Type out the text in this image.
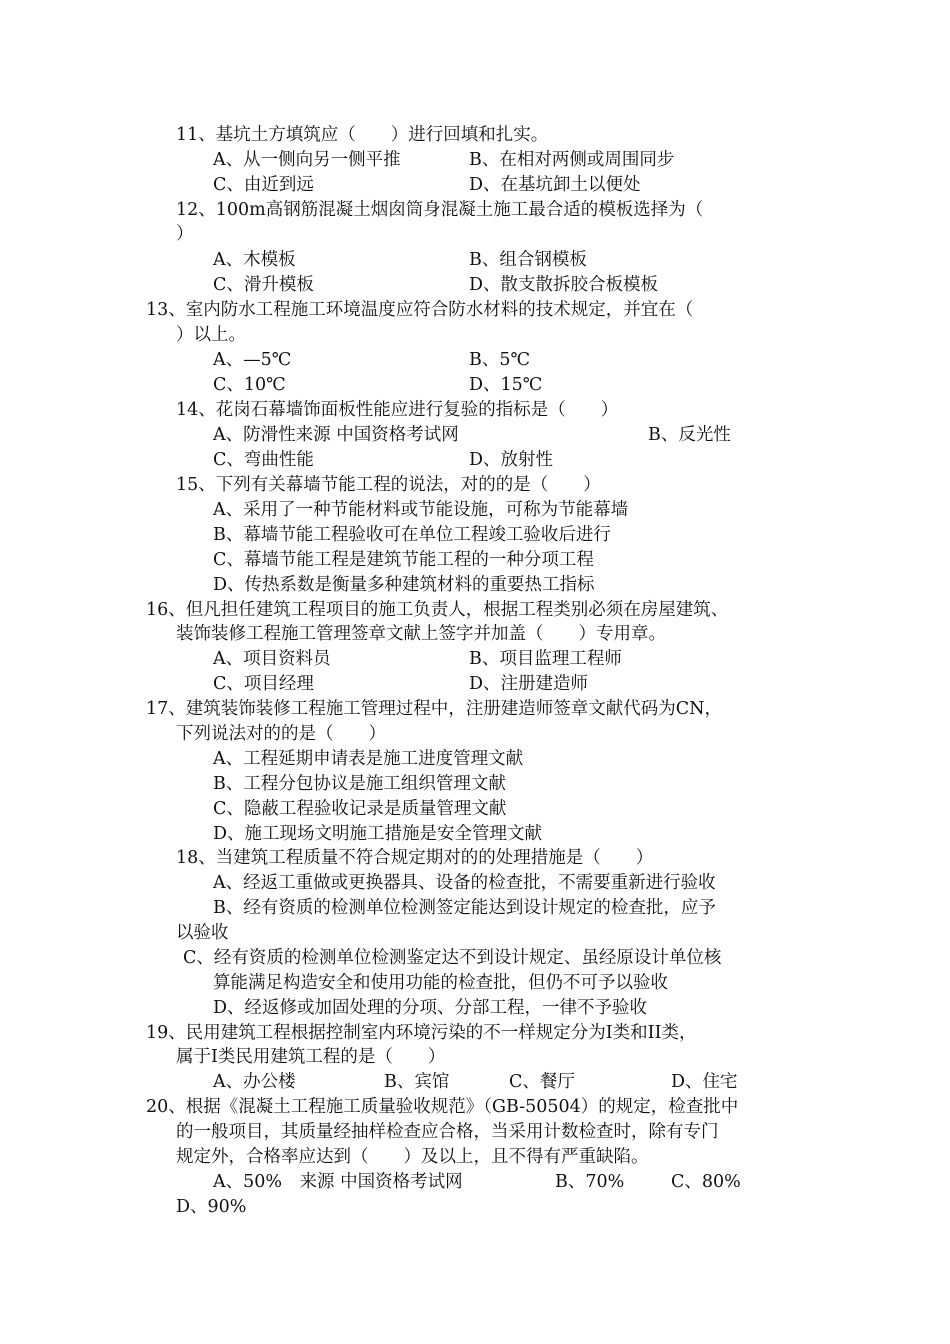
11、基坑土方填筑应（　　）进行回填和扎实。
A、从一侧向另一侧平推	B、在相对两侧或周围同步
C、由近到远	D、在基坑卸土以便处
12、100m高钢筋混凝土烟囱筒身混凝土施工最合适的模板选择为（
）
A、木模板	B、组合钢模板
C、滑升模板	D、散支散拆胶合板模板
13、室内防水工程施工环境温度应符合防水材料的技术规定，并宜在（
）以上。
A、—5℃	B、5℃
C、10℃	D、15℃
14、花岗石幕墙饰面板性能应进行复验的指标是（　　）
A、防滑性来源 中国资格考试网	B、反光性
C、弯曲性能	D、放射性
15、下列有关幕墙节能工程的说法，对的的是（　　）
A、采用了一种节能材料或节能设施，可称为节能幕墙
B、幕墙节能工程验收可在单位工程竣工验收后进行
C、幕墙节能工程是建筑节能工程的一种分项工程
D、传热系数是衡量多种建筑材料的重要热工指标
16、但凡担任建筑工程项目的施工负责人，根据工程类别必须在房屋建筑、
装饰装修工程施工管理签章文献上签字并加盖（　　）专用章。
A、项目资料员	B、项目监理工程师
C、项目经理	D、注册建造师
17、建筑装饰装修工程施工管理过程中，注册建造师签章文献代码为CN，
下列说法对的的是（　　）
A、工程延期申请表是施工进度管理文献
B、工程分包协议是施工组织管理文献
C、隐蔽工程验收记录是质量管理文献
D、施工现场文明施工措施是安全管理文献
18、当建筑工程质量不符合规定期对的的处理措施是（　　）
A、经返工重做或更换器具、设备的检查批，不需要重新进行验收
B、经有资质的检测单位检测签定能达到设计规定的检查批，应予
以验收
C、经有资质的检测单位检测鉴定达不到设计规定、虽经原设计单位核
算能满足构造安全和使用功能的检查批，但仍不可予以验收
D、经返修或加固处理的分项、分部工程，一律不予验收
19、民用建筑工程根据控制室内环境污染的不一样规定分为Ⅰ类和ⅠI类，
属于Ⅰ类民用建筑工程的是（　　）
A、办公楼	B、宾馆	C、餐厅	D、住宅
20、根据《混凝土工程施工质量验收规范》（GB-50504）的规定，检查批中
的一般项目，其质量经抽样检查应合格，当采用计数检查时，除有专门
规定外，合格率应达到（　　）及以上，且不得有严重缺陷。
A、50%　来源 中国资格考试网	B、70%	C、80%
D、90%
